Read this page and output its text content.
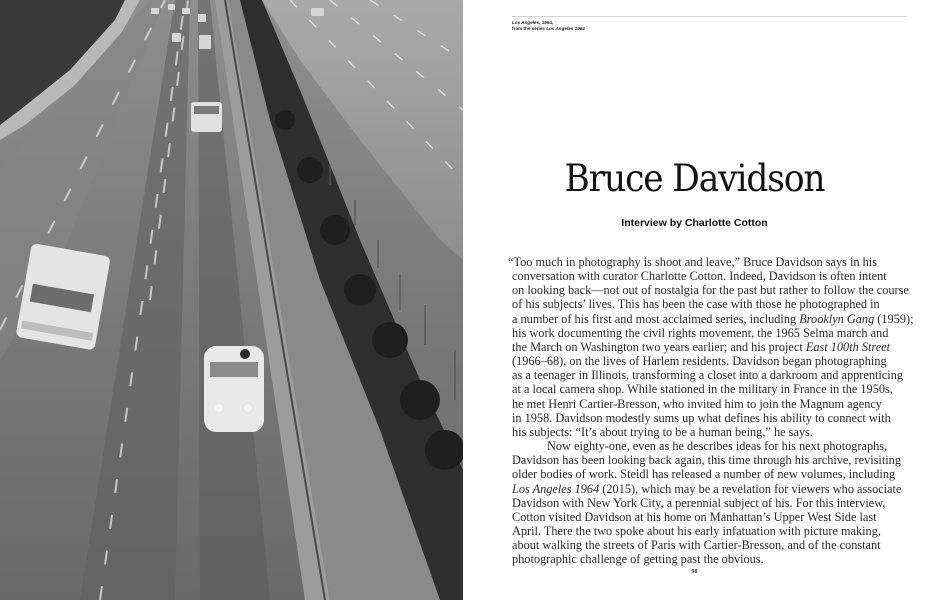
Los Angeles, 1964,
from the series Los Angeles 1964
Bruce Davidson
Interview by Charlotte Cotton
“Too much in photography is shoot and leave,” Bruce Davidson says in his
conversation with curator Charlotte Cotton. Indeed, Davidson is often intent
on looking back—not out of nostalgia for the past but rather to follow the course
of his subjects’ lives. This has been the case with those he photographed in
a number of his first and most acclaimed series, including Brooklyn Gang (1959);
his work documenting the civil rights movement, the 1965 Selma march and
the March on Washington two years earlier; and his project East 100th Street
(1966–68), on the lives of Harlem residents. Davidson began photographing
as a teenager in Illinois, transforming a closet into a darkroom and apprenticing
at a local camera shop. While stationed in the military in France in the 1950s,
he met Henri Cartier-Bresson, who invited him to join the Magnum agency
in 1958. Davidson modestly sums up what defines his ability to connect with
his subjects: “It’s about trying to be a human being,” he says.
Now eighty-one, even as he describes ideas for his next photographs,
Davidson has been looking back again, this time through his archive, revisiting
older bodies of work. Steidl has released a number of new volumes, including
Los Angeles 1964 (2015), which may be a revelation for viewers who associate
Davidson with New York City, a perennial subject of his. For this interview,
Cotton visited Davidson at his home on Manhattan’s Upper West Side last
April. There the two spoke about his early infatuation with picture making,
about walking the streets of Paris with Cartier-Bresson, and of the constant
photographic challenge of getting past the obvious.
98
